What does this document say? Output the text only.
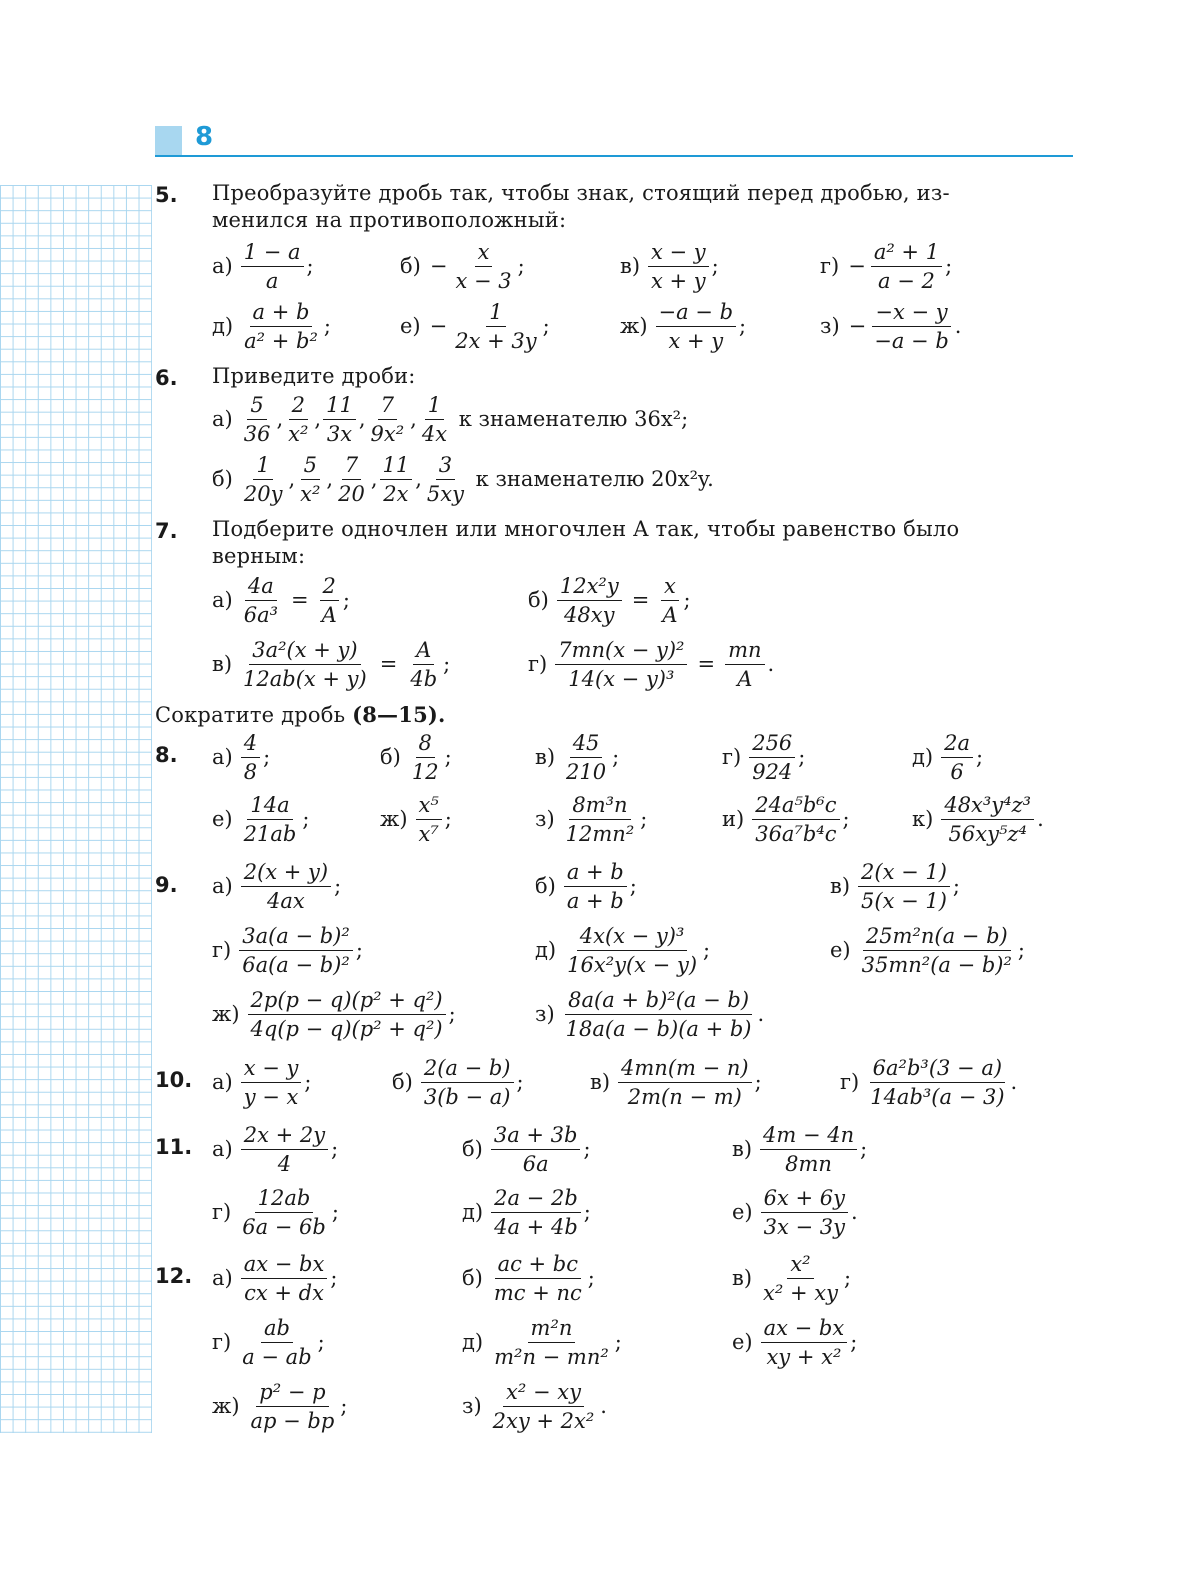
8
5. Преобразуйте дробь так, чтобы знак, стоящий перед дробью, из-
менился на противоположный:
$а) \frac{1 - a}{a}$ ;	$б) - \frac{x}{x - 3}$ ;	$в) \frac{x - y}{x + y}$ ;	$г) - \frac{\text{a² + 1}}{a - 2}$ ;
$д) \frac{a + b}{\text{a² + b²}}$ ;	$е) - \frac{1}{2x + 3y}$ ;	$ж) \frac{-a - b}{x + y}$ ;	$з) - \frac{-x - y}{-a - b}$ .
6. Приведите дроби:
$а) \frac{5}{36}$ , $\frac{2}{\text{x²}}$ , $\frac{11}{3x}$ , $\frac{7}{\text{9x²}}$ , $\frac{1}{4x}$ к знаменателю 36x²;
$б) \frac{1}{20y}$ , $\frac{5}{\text{x²}}$ , $\frac{7}{20}$ , $\frac{11}{2x}$ , $\frac{3}{5xy}$ к знаменателю 20x²y.
7. Подберите одночлен или многочлен A так, чтобы равенство было
верным:
$а) \frac{4a}{\text{6a³}} = \frac{2}{A}$ ;	$б) \frac{\text{12x²y}}{48xy} = \frac{x}{A}$ ;
$в) \frac{\text{3a²(x + y)}}{12ab(x + y)} = \frac{A}{4b}$ ;	$г) \frac{\text{7mn(x − y)²}}{\text{14(x − y)³}} = \frac{mn}{A}$ .
Сократите дробь (8—15).
8. $а) \frac{4}{8}$ ;	$б) \frac{8}{12}$ ;	$в) \frac{45}{210}$ ;	$г) \frac{256}{924}$ ;	$д) \frac{2a}{6}$ ;
$е) \frac{14a}{21ab}$ ;	$ж) \frac{\text{x⁵}}{\text{x⁷}}$ ;	$з) \frac{\text{8m³n}}{\text{12mn²}}$ ;	$и) \frac{\text{24a⁵b⁶c}}{\text{36a⁷b⁴c}}$ ;	$к) \frac{\text{48x³y⁴z³}}{\text{56xy⁵z⁴}}$ .
9. $а) \frac{2(x + y)}{4ax}$ ;	$б) \frac{a + b}{a + b}$ ;	$в) \frac{2(x - 1)}{5(x - 1)}$ ;
$г) \frac{\text{3a(a − b)²}}{\text{6a(a − b)²}}$ ;	$д) \frac{\text{4x(x − y)³}}{\text{16x²y(x − y)}}$ ;	$е) \frac{\text{25m²n(a − b)}}{\text{35mn²(a − b)²}}$ ;
$ж) \frac{\text{2p(p − q)(p² + q²)}}{\text{4q(p − q)(p² + q²)}}$ ;	$з) \frac{\text{8a(a + b)²(a − b)}}{18a(a - b)(a + b)}$ .
10. $а) \frac{x - y}{y - x}$ ;	$б) \frac{2(a - b)}{3(b - a)}$ ;	$в) \frac{4mn(m - n)}{2m(n - m)}$ ;	$г) \frac{\text{6a²b³(3 − a)}}{\text{14ab³(a − 3)}}$ .
11. $а) \frac{2x + 2y}{4}$ ;	$б) \frac{3a + 3b}{6a}$ ;	$в) \frac{4m - 4n}{8mn}$ ;
$г) \frac{12ab}{6a - 6b}$ ;	$д) \frac{2a - 2b}{4a + 4b}$ ;	$е) \frac{6x + 6y}{3x - 3y}$ .
12. $а) \frac{ax - bx}{cx + dx}$ ;	$б) \frac{ac + bc}{mc + nc}$ ;	$в) \frac{\text{x²}}{\text{x² + xy}}$ ;
$г) \frac{ab}{a - ab}$ ;	$д) \frac{\text{m²n}}{\text{m²n − mn²}}$ ;	$е) \frac{ax - bx}{\text{xy + x²}}$ ;
$ж) \frac{\text{p² − p}}{ap - bp}$ ;	$з) \frac{\text{x² − xy}}{\text{2xy + 2x²}}$ .
